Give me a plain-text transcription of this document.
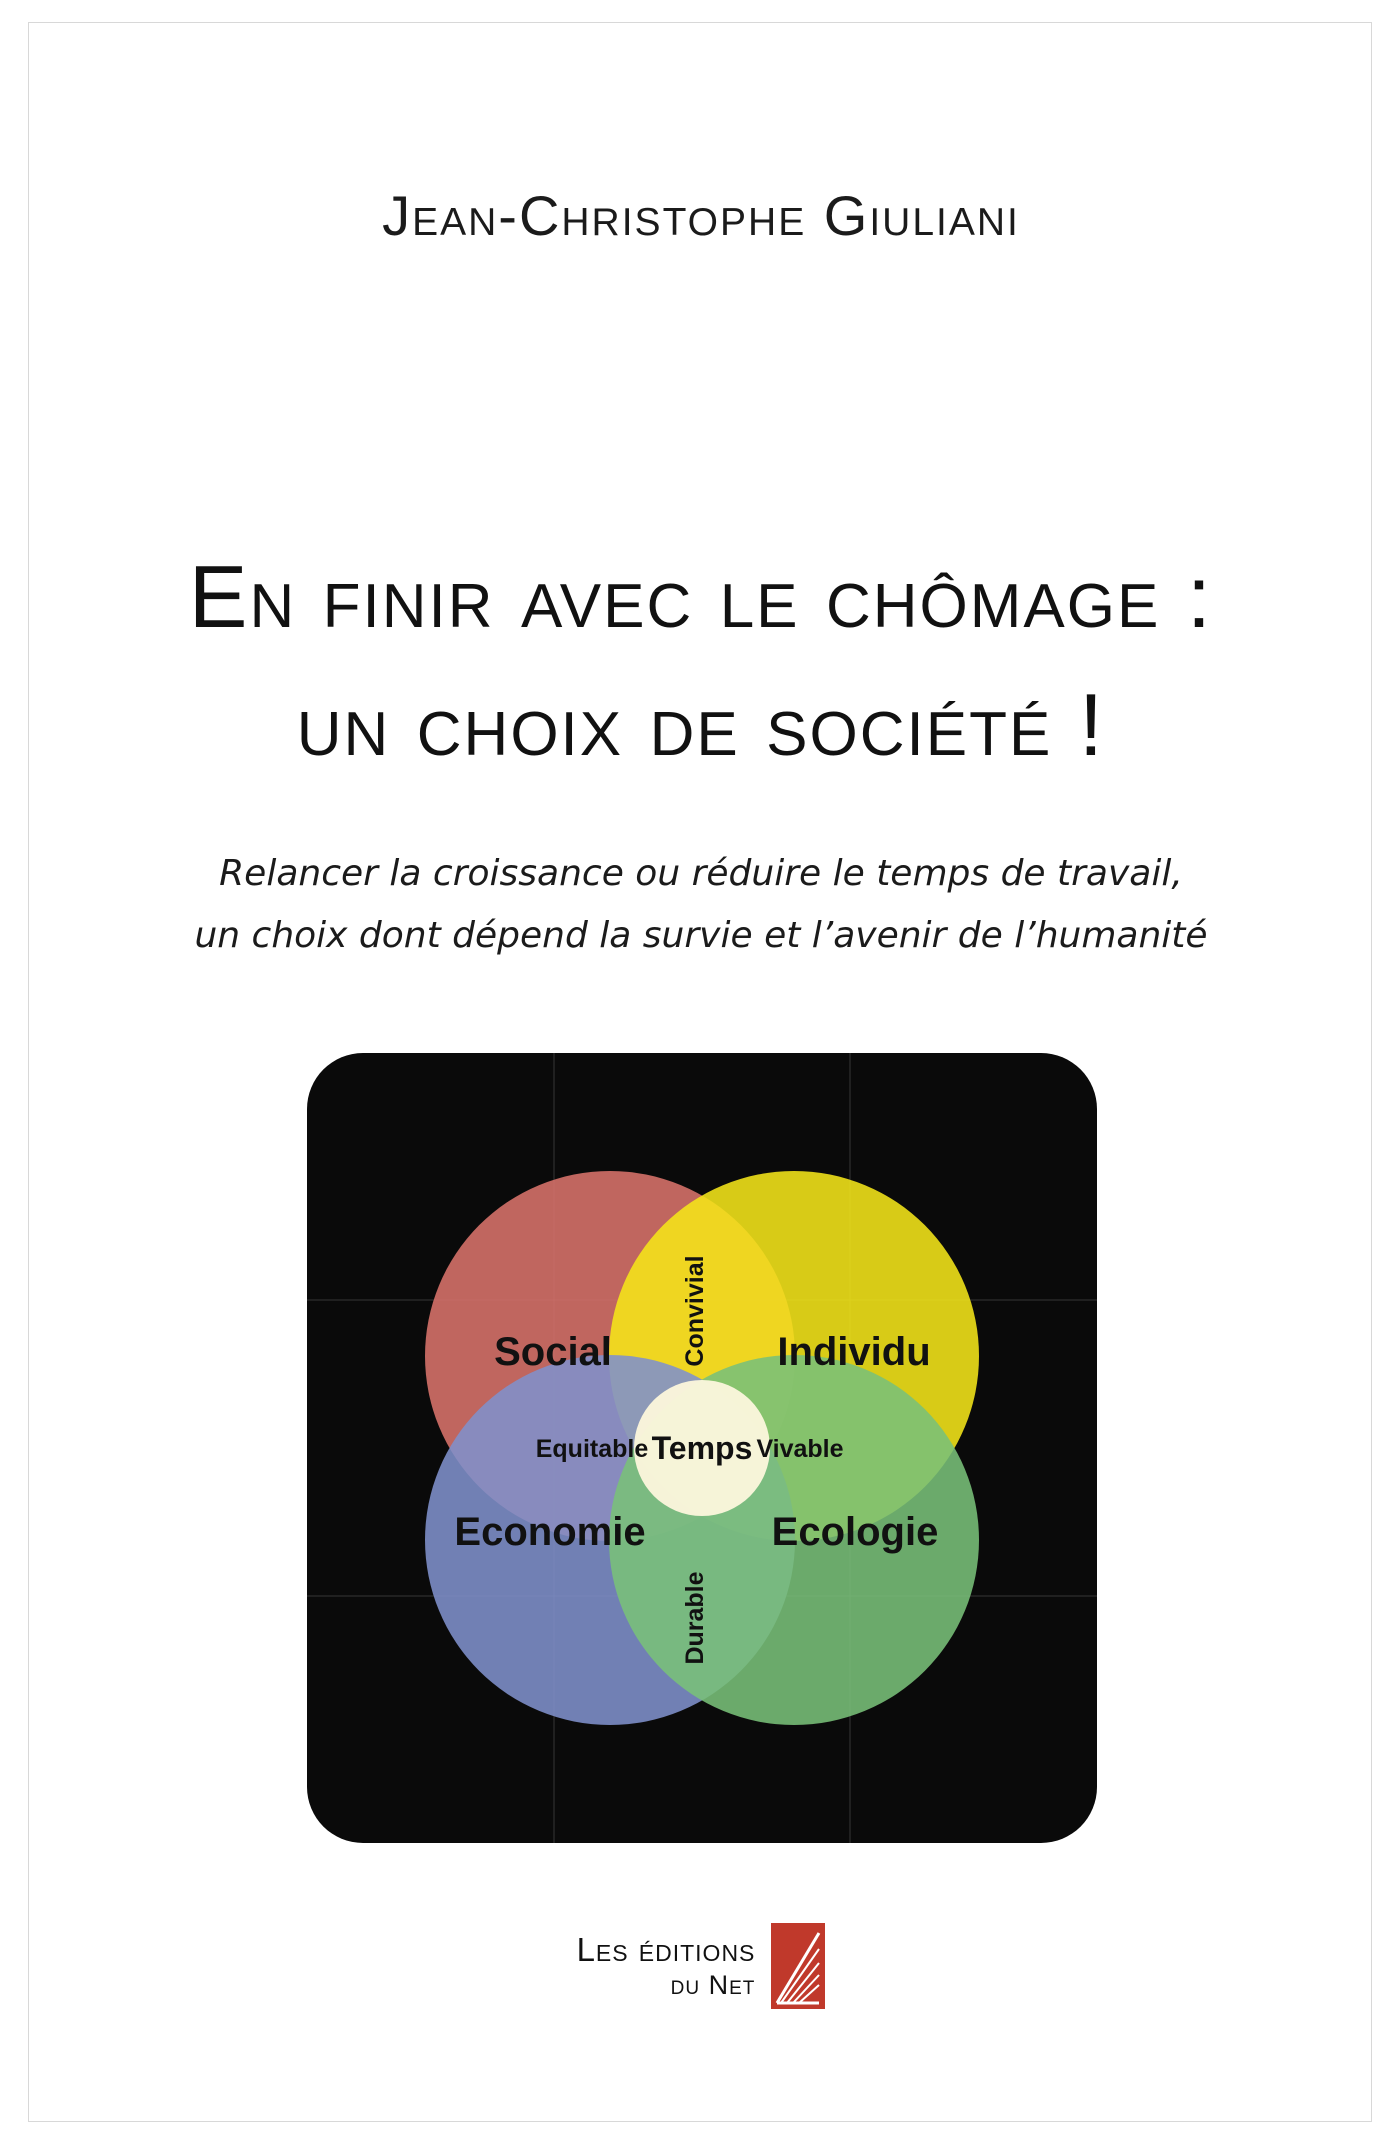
Jean-Christophe Giuliani
En finir avec le chômage :
un choix de société !
Relancer la croissance ou réduire le temps de travail,
un choix dont dépend la survie et l’avenir de l’humanité
Social	Individu
Economie	Ecologie
Convivial
Durable
Equitable	Vivable
Temps
Les éditions
du Net
